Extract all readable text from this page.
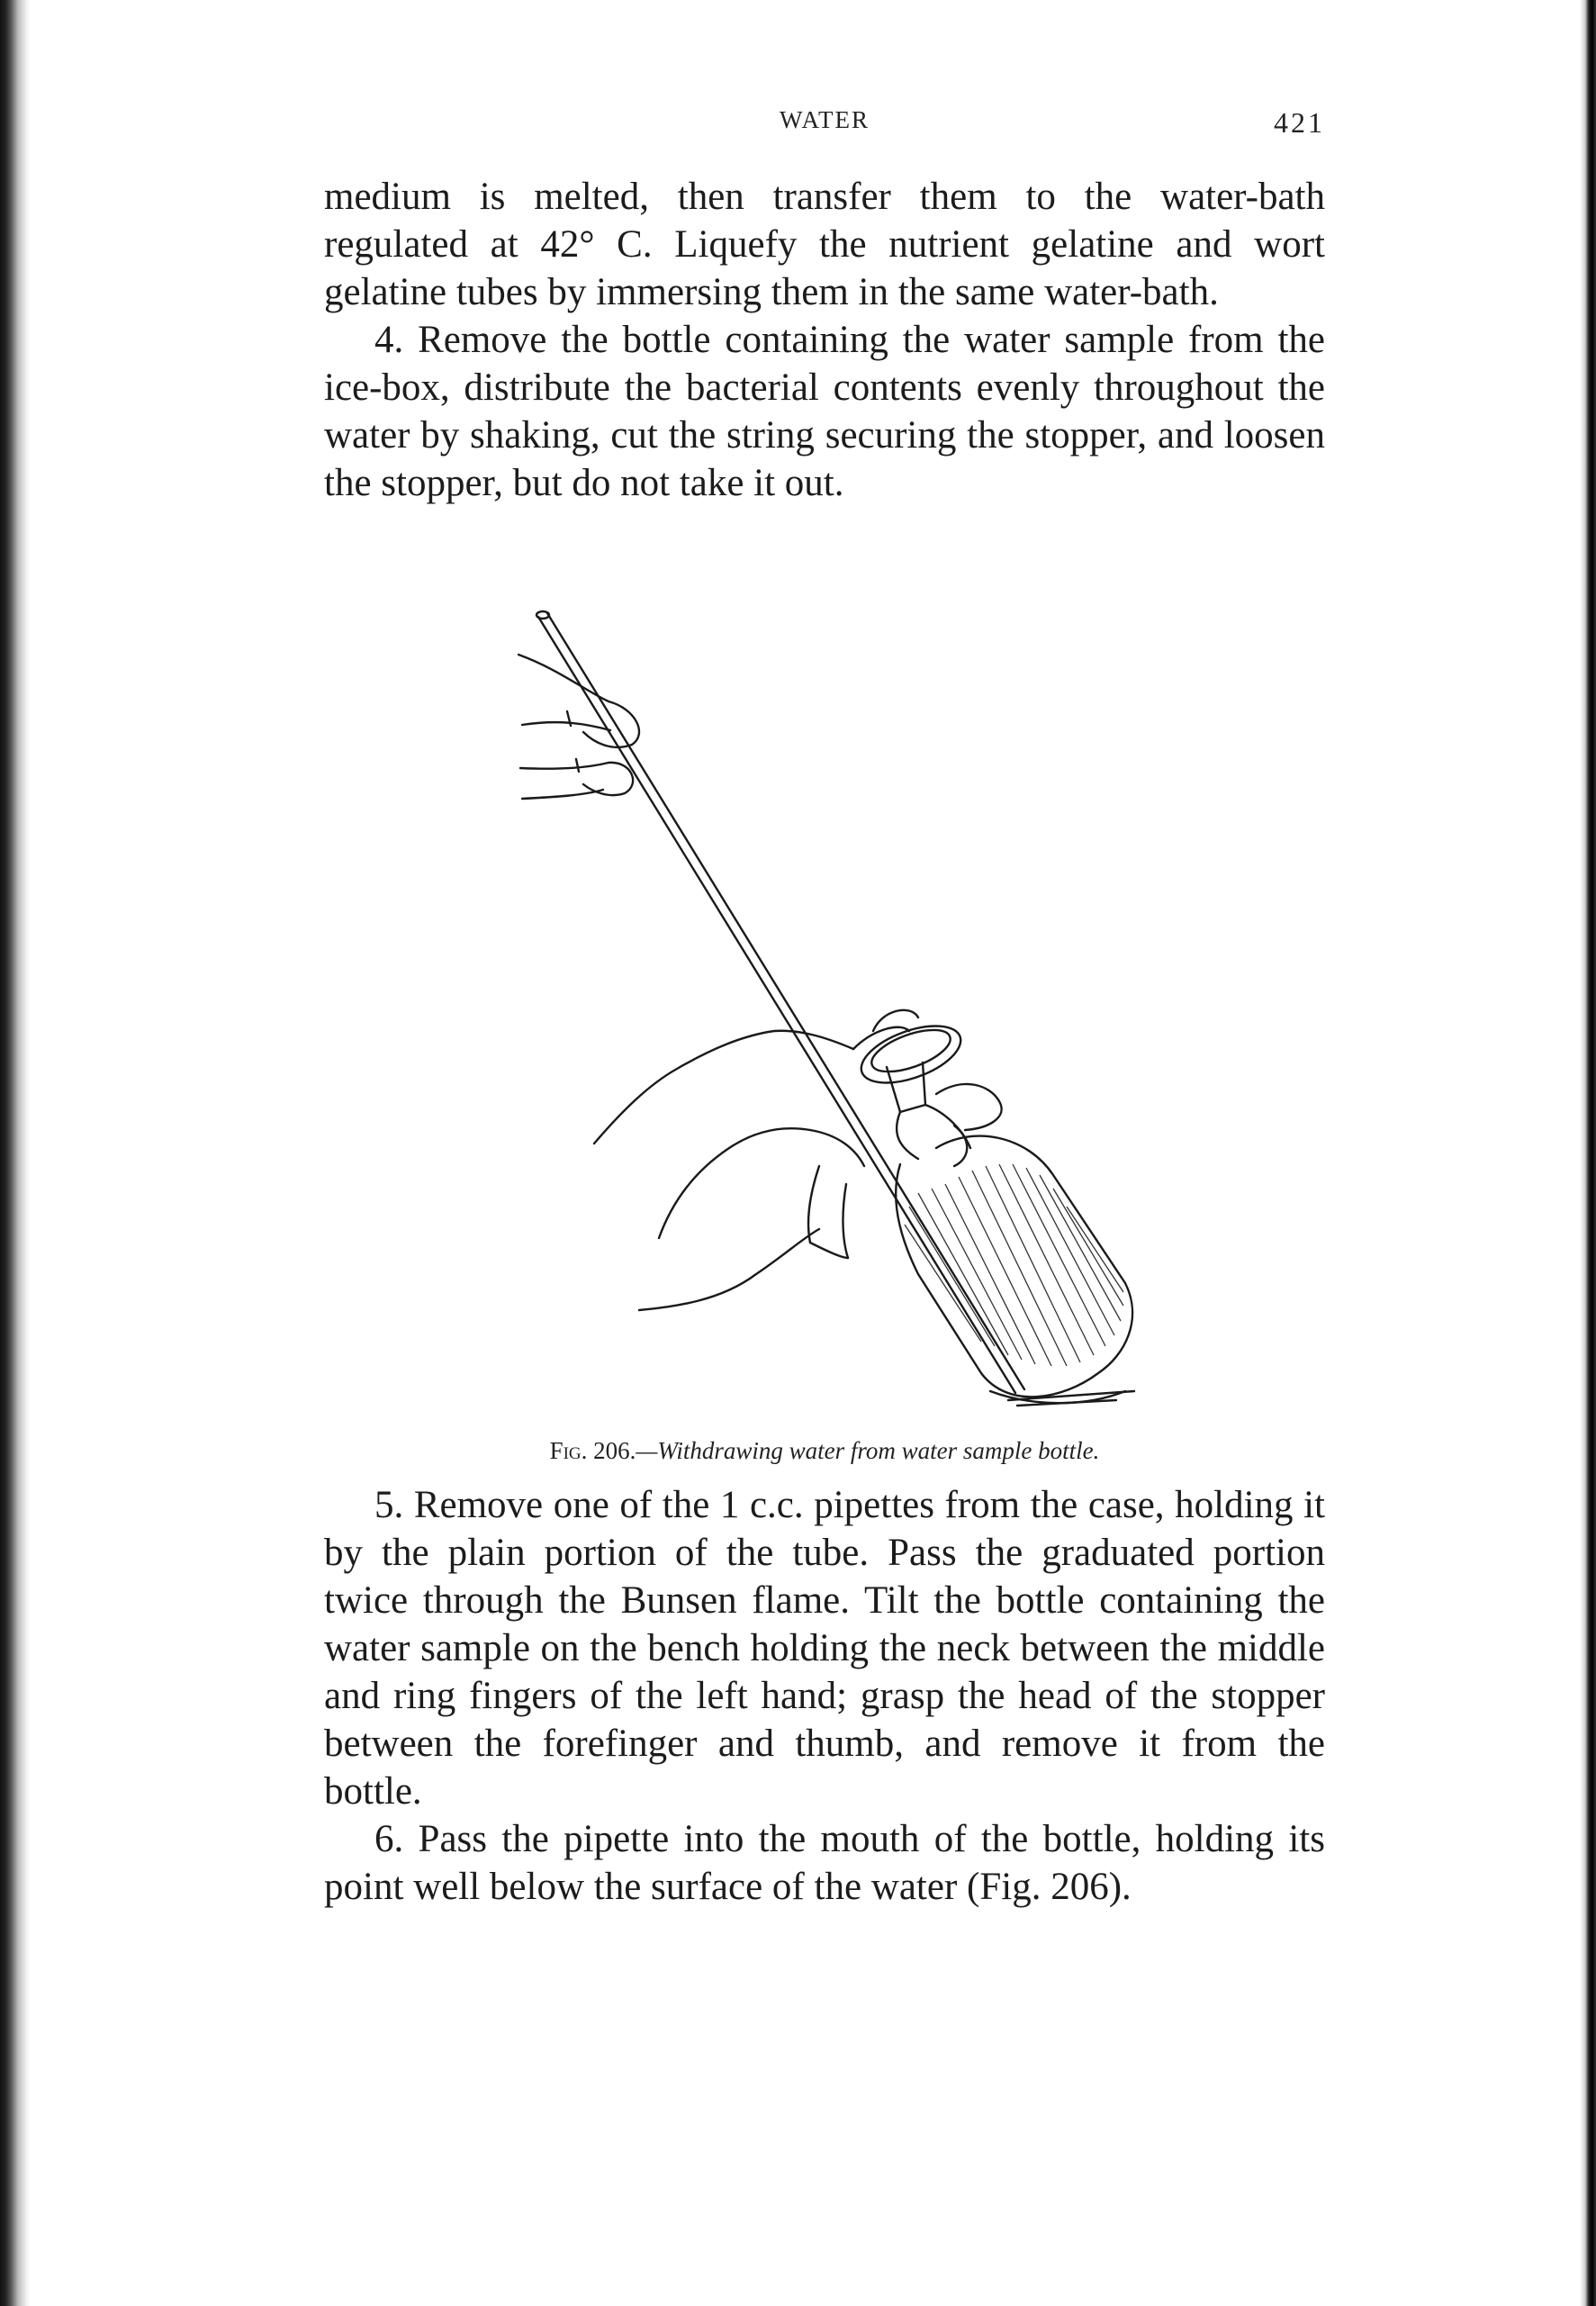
WATER	421

medium is melted, then transfer them to the water-bath regulated at 42° C. Liquefy the nutrient gelatine and wort gelatine tubes by immersing them in the same water-bath.

4. Remove the bottle containing the water sample from the ice-box, distribute the bacterial contents evenly throughout the water by shaking, cut the string securing the stopper, and loosen the stopper, but do not take it out.

Fig. 206.—Withdrawing water from water sample bottle.

5. Remove one of the 1 c.c. pipettes from the case, holding it by the plain portion of the tube. Pass the graduated portion twice through the Bunsen flame. Tilt the bottle containing the water sample on the bench holding the neck between the middle and ring fingers of the left hand; grasp the head of the stopper between the forefinger and thumb, and remove it from the bottle.

6. Pass the pipette into the mouth of the bottle, holding its point well below the surface of the water (Fig. 206).
